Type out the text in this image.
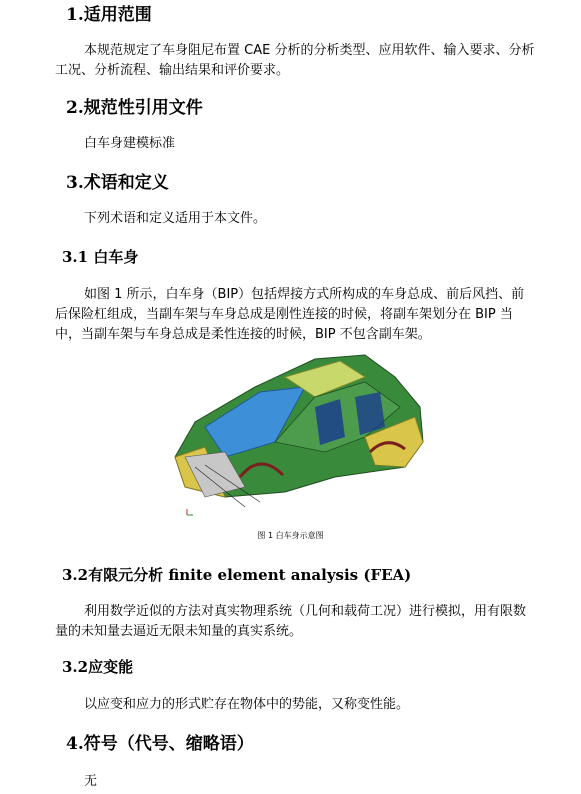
1.适用范围

本规范规定了车身阻尼布置 CAE 分析的分析类型、应用软件、输入要求、分析工况、分析流程、输出结果和评价要求。

2.规范性引用文件

白车身建模标准

3.术语和定义

下列术语和定义适用于本文件。

3.1 白车身

如图 1 所示，白车身（BIP）包括焊接方式所构成的车身总成、前后风挡、前后保险杠组成，当副车架与车身总成是刚性连接的时候，将副车架划分在 BIP 当中，当副车架与车身总成是柔性连接的时候，BIP 不包含副车架。

图 1 白车身示意图
3.2有限元分析 finite element analysis (FEA)

利用数学近似的方法对真实物理系统（几何和载荷工况）进行模拟，用有限数量的未知量去逼近无限未知量的真实系统。

3.2应变能

以应变和应力的形式贮存在物体中的势能，又称变性能。

4.符号（代号、缩略语）

无
